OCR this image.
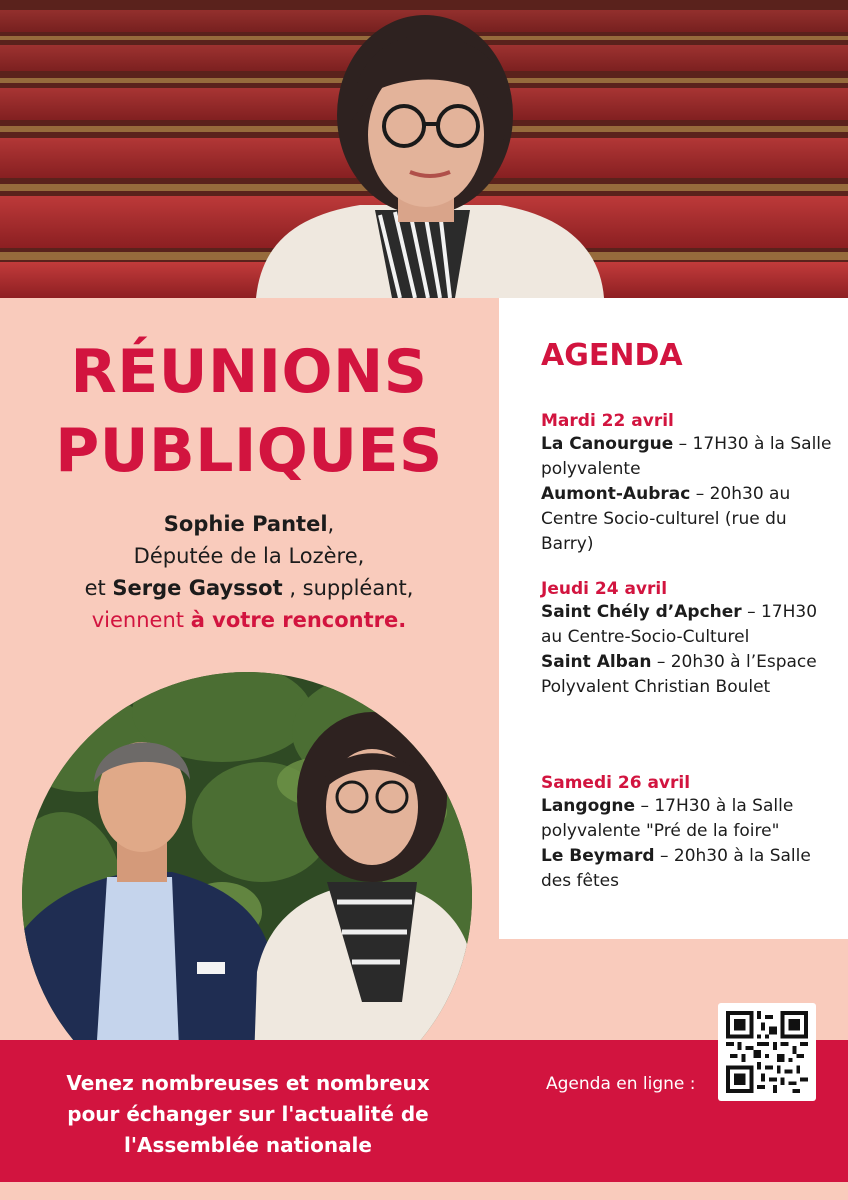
RÉUNIONS
PUBLIQUES
Sophie Pantel,
Députée de la Lozère,
et Serge Gayssot , suppléant,
viennent à votre rencontre.
AGENDA
Mardi 22 avril
La Canourgue – 17H30 à la Salle polyvalente
Aumont-Aubrac – 20h30 au Centre Socio-culturel (rue du Barry)
Jeudi 24 avril
Saint Chély d’Apcher – 17H30 au Centre-Socio-Culturel
Saint Alban – 20h30 à l’Espace Polyvalent Christian Boulet
Samedi 26 avril
Langogne – 17H30 à la Salle polyvalente "Pré de la foire"
Le Beymard – 20h30 à la Salle des fêtes
Venez nombreuses et nombreux
pour échanger sur l'actualité de
l'Assemblée nationale
Agenda en ligne :
